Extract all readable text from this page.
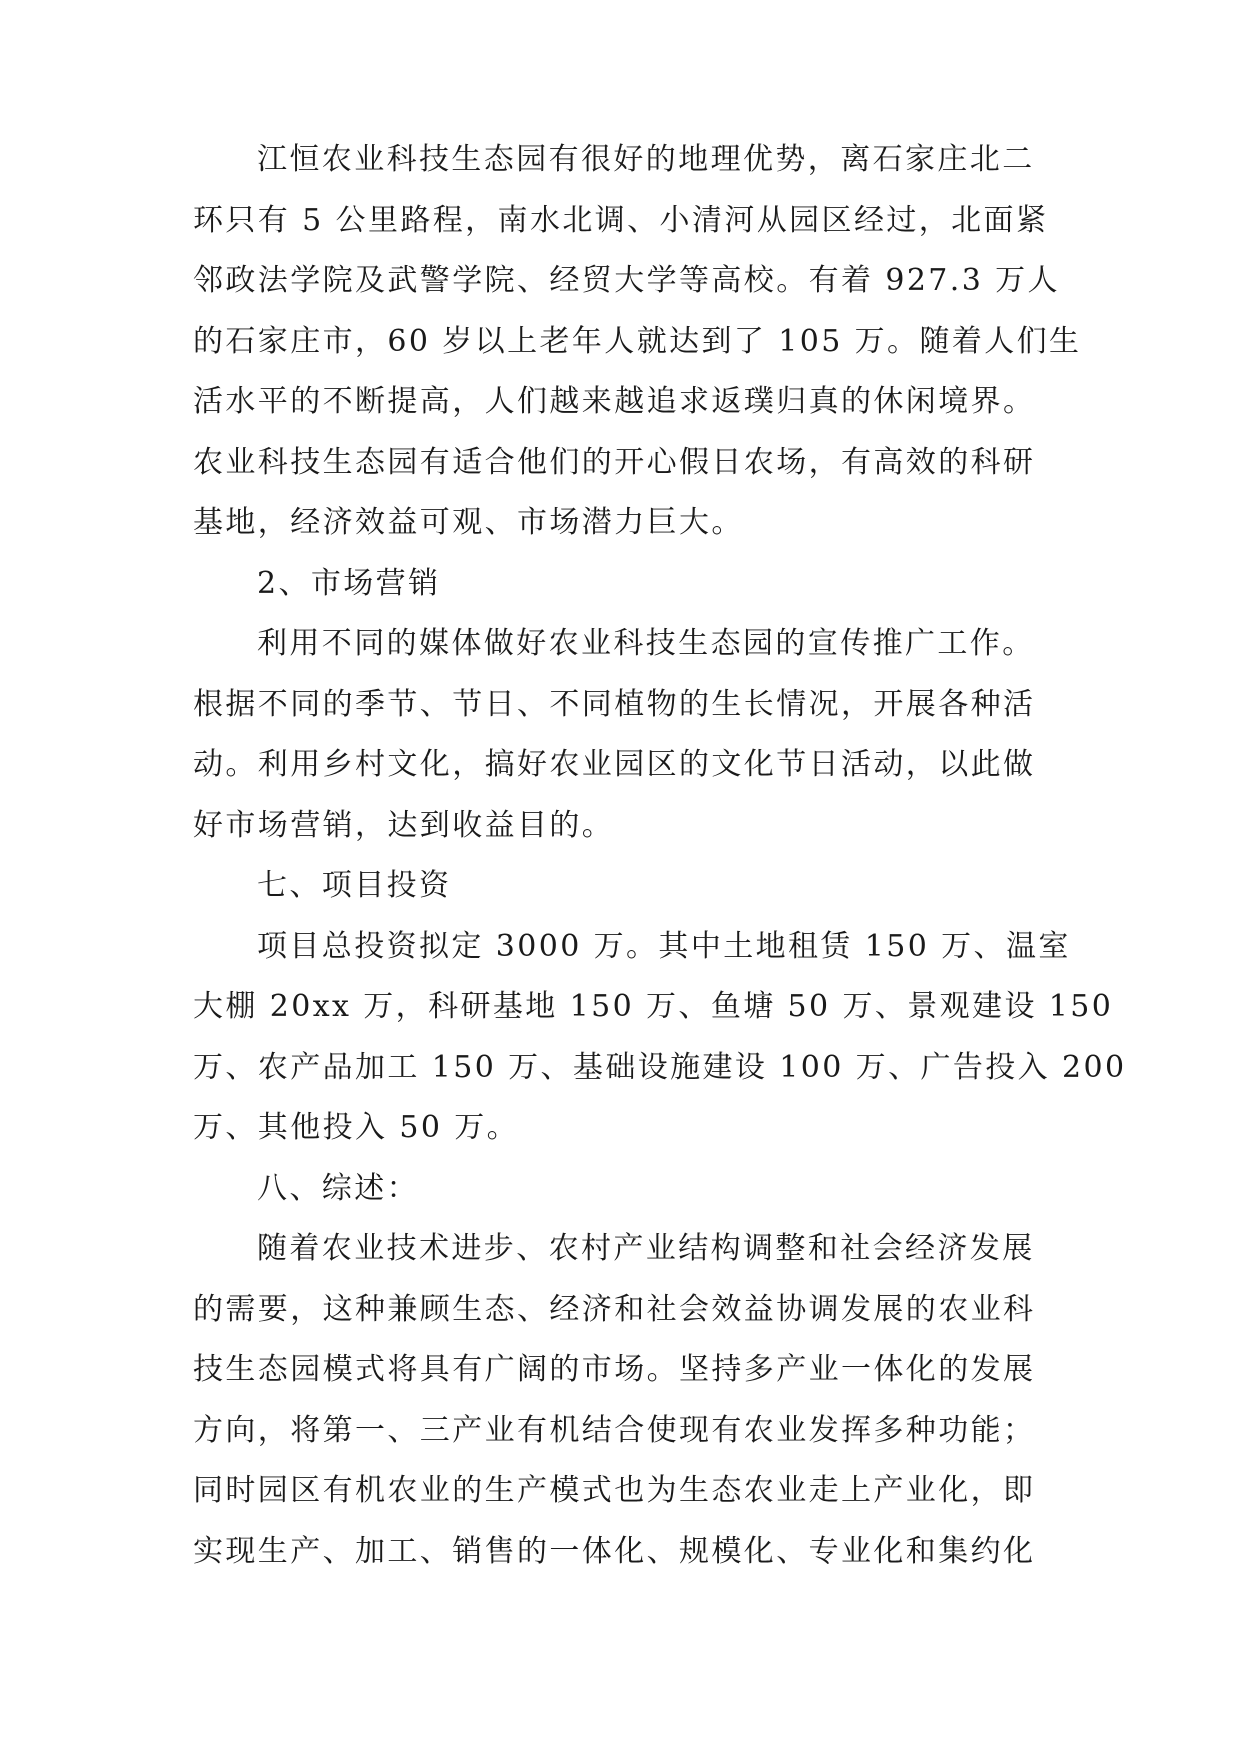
江恒农业科技生态园有很好的地理优势，离石家庄北二
环只有 5 公里路程，南水北调、小清河从园区经过，北面紧
邻政法学院及武警学院、经贸大学等高校。有着 927.3 万人
的石家庄市，60 岁以上老年人就达到了 105 万。随着人们生
活水平的不断提高，人们越来越追求返璞归真的休闲境界。
农业科技生态园有适合他们的开心假日农场，有高效的科研
基地，经济效益可观、市场潜力巨大。
2、市场营销
利用不同的媒体做好农业科技生态园的宣传推广工作。
根据不同的季节、节日、不同植物的生长情况，开展各种活
动。利用乡村文化，搞好农业园区的文化节日活动，以此做
好市场营销，达到收益目的。
七、项目投资
项目总投资拟定 3000 万。其中土地租赁 150 万、温室
大棚 20xx 万，科研基地 150 万、鱼塘 50 万、景观建设 150
万、农产品加工 150 万、基础设施建设 100 万、广告投入 200
万、其他投入 50 万。
八、综述：
随着农业技术进步、农村产业结构调整和社会经济发展
的需要，这种兼顾生态、经济和社会效益协调发展的农业科
技生态园模式将具有广阔的市场。坚持多产业一体化的发展
方向，将第一、三产业有机结合使现有农业发挥多种功能；
同时园区有机农业的生产模式也为生态农业走上产业化，即
实现生产、加工、销售的一体化、规模化、专业化和集约化
